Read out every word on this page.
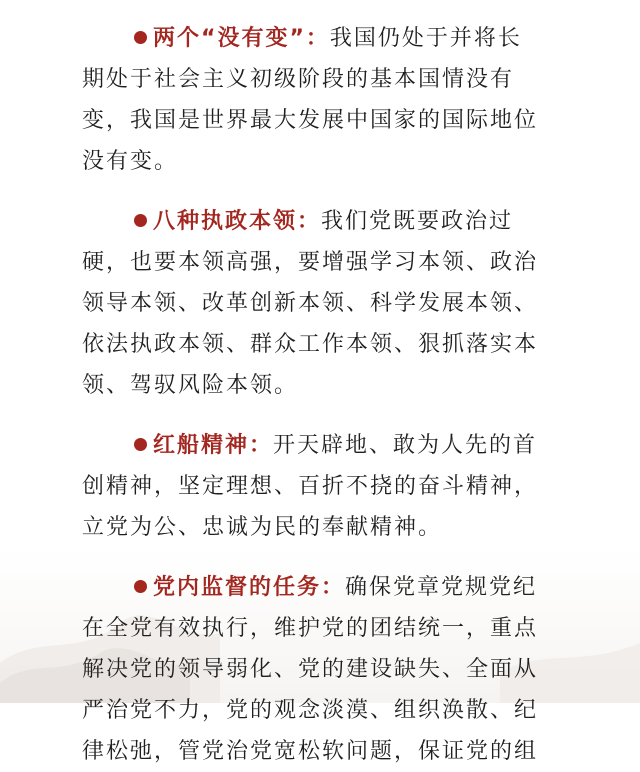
两个“没有变”：我国仍处于并将长
期处于社会主义初级阶段的基本国情没有
变，我国是世界最大发展中国家的国际地位
没有变。

八种执政本领：我们党既要政治过
硬，也要本领高强，要增强学习本领、政治
领导本领、改革创新本领、科学发展本领、
依法执政本领、群众工作本领、狠抓落实本
领、驾驭风险本领。

红船精神：开天辟地、敢为人先的首
创精神，坚定理想、百折不挠的奋斗精神，
立党为公、忠诚为民的奉献精神。

党内监督的任务：确保党章党规党纪
在全党有效执行，维护党的团结统一，重点
解决党的领导弱化、党的建设缺失、全面从
严治党不力，党的观念淡漠、组织涣散、纪
律松弛，管党治党宽松软问题，保证党的组
